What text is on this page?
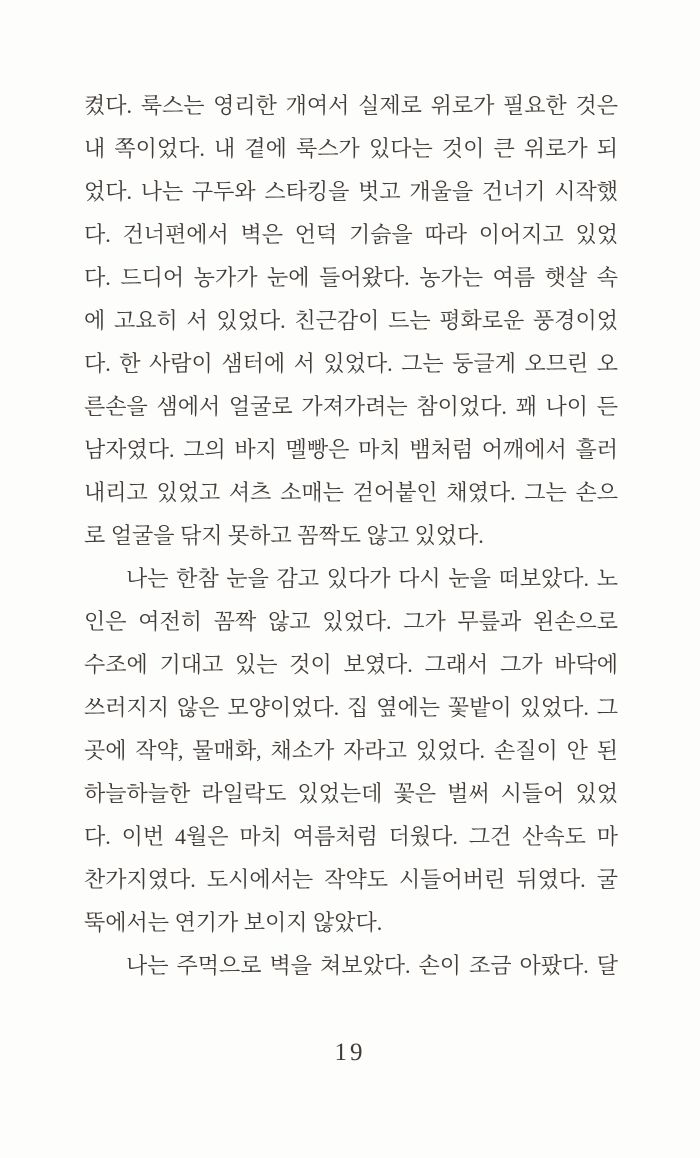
켰다. 룩스는 영리한 개여서 실제로 위로가 필요한 것은
내 쪽이었다. 내 곁에 룩스가 있다는 것이 큰 위로가 되
었다. 나는 구두와 스타킹을 벗고 개울을 건너기 시작했
다. 건너편에서 벽은 언덕 기슭을 따라 이어지고 있었
다. 드디어 농가가 눈에 들어왔다. 농가는 여름 햇살 속
에 고요히 서 있었다. 친근감이 드는 평화로운 풍경이었
다. 한 사람이 샘터에 서 있었다. 그는 둥글게 오므린 오
른손을 샘에서 얼굴로 가져가려는 참이었다. 꽤 나이 든
남자였다. 그의 바지 멜빵은 마치 뱀처럼 어깨에서 흘러
내리고 있었고 셔츠 소매는 걷어붙인 채였다. 그는 손으
로 얼굴을 닦지 못하고 꼼짝도 않고 있었다.
나는 한참 눈을 감고 있다가 다시 눈을 떠보았다. 노
인은 여전히 꼼짝 않고 있었다. 그가 무릎과 왼손으로
수조에 기대고 있는 것이 보였다. 그래서 그가 바닥에
쓰러지지 않은 모양이었다. 집 옆에는 꽃밭이 있었다. 그
곳에 작약, 물매화, 채소가 자라고 있었다. 손질이 안 된
하늘하늘한 라일락도 있었는데 꽃은 벌써 시들어 있었
다. 이번 4월은 마치 여름처럼 더웠다. 그건 산속도 마
찬가지였다. 도시에서는 작약도 시들어버린 뒤였다. 굴
뚝에서는 연기가 보이지 않았다.
나는 주먹으로 벽을 쳐보았다. 손이 조금 아팠다. 달
19
